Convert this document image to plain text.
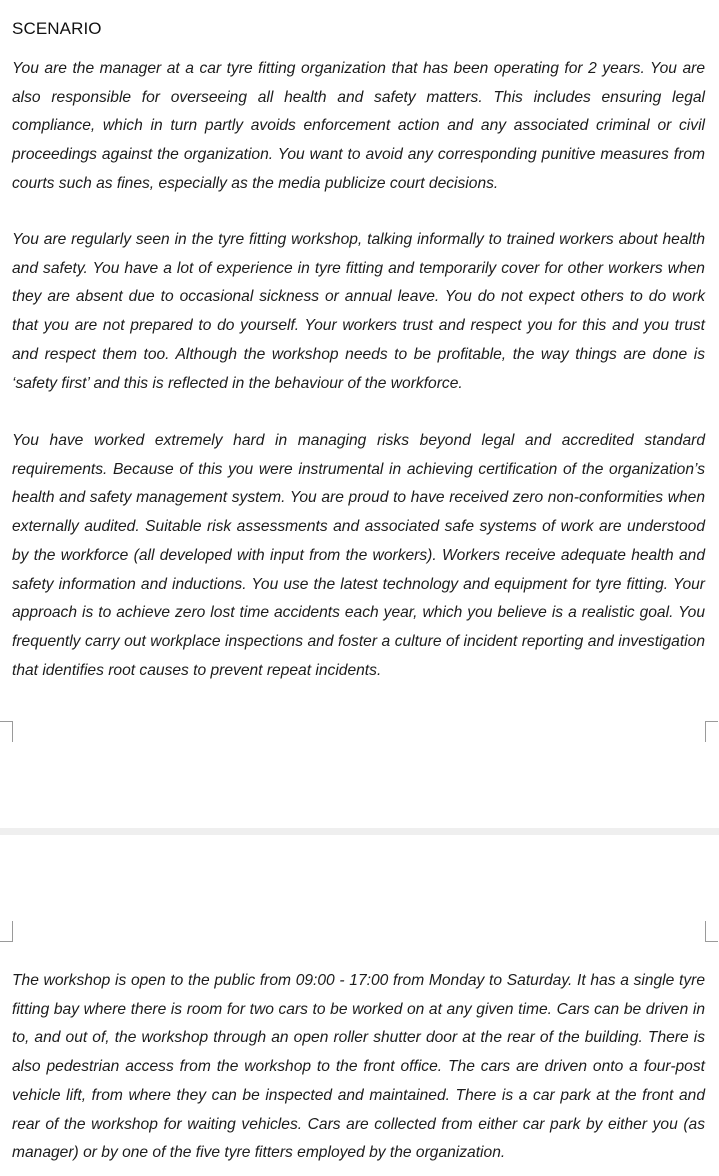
SCENARIO

You are the manager at a car tyre fitting organization that has been operating for 2 years. You are also responsible for overseeing all health and safety matters. This includes ensuring legal compliance, which in turn partly avoids enforcement action and any associated criminal or civil proceedings against the organization. You want to avoid any corresponding punitive measures from courts such as fines, especially as the media publicize court decisions.

You are regularly seen in the tyre fitting workshop, talking informally to trained workers about health and safety. You have a lot of experience in tyre fitting and temporarily cover for other workers when they are absent due to occasional sickness or annual leave. You do not expect others to do work that you are not prepared to do yourself. Your workers trust and respect you for this and you trust and respect them too. Although the workshop needs to be profitable, the way things are done is ‘safety first’ and this is reflected in the behaviour of the workforce.

You have worked extremely hard in managing risks beyond legal and accredited standard requirements. Because of this you were instrumental in achieving certification of the organization’s health and safety management system. You are proud to have received zero non-conformities when externally audited. Suitable risk assessments and associated safe systems of work are understood by the workforce (all developed with input from the workers). Workers receive adequate health and safety information and inductions. You use the latest technology and equipment for tyre fitting. Your approach is to achieve zero lost time accidents each year, which you believe is a realistic goal. You frequently carry out workplace inspections and foster a culture of incident reporting and investigation that identifies root causes to prevent repeat incidents.

The workshop is open to the public from 09:00 - 17:00 from Monday to Saturday. It has a single tyre fitting bay where there is room for two cars to be worked on at any given time. Cars can be driven in to, and out of, the workshop through an open roller shutter door at the rear of the building. There is also pedestrian access from the workshop to the front office. The cars are driven onto a four-post vehicle lift, from where they can be inspected and maintained. There is a car park at the front and rear of the workshop for waiting vehicles. Cars are collected from either car park by either you (as manager) or by one of the five tyre fitters employed by the organization.
